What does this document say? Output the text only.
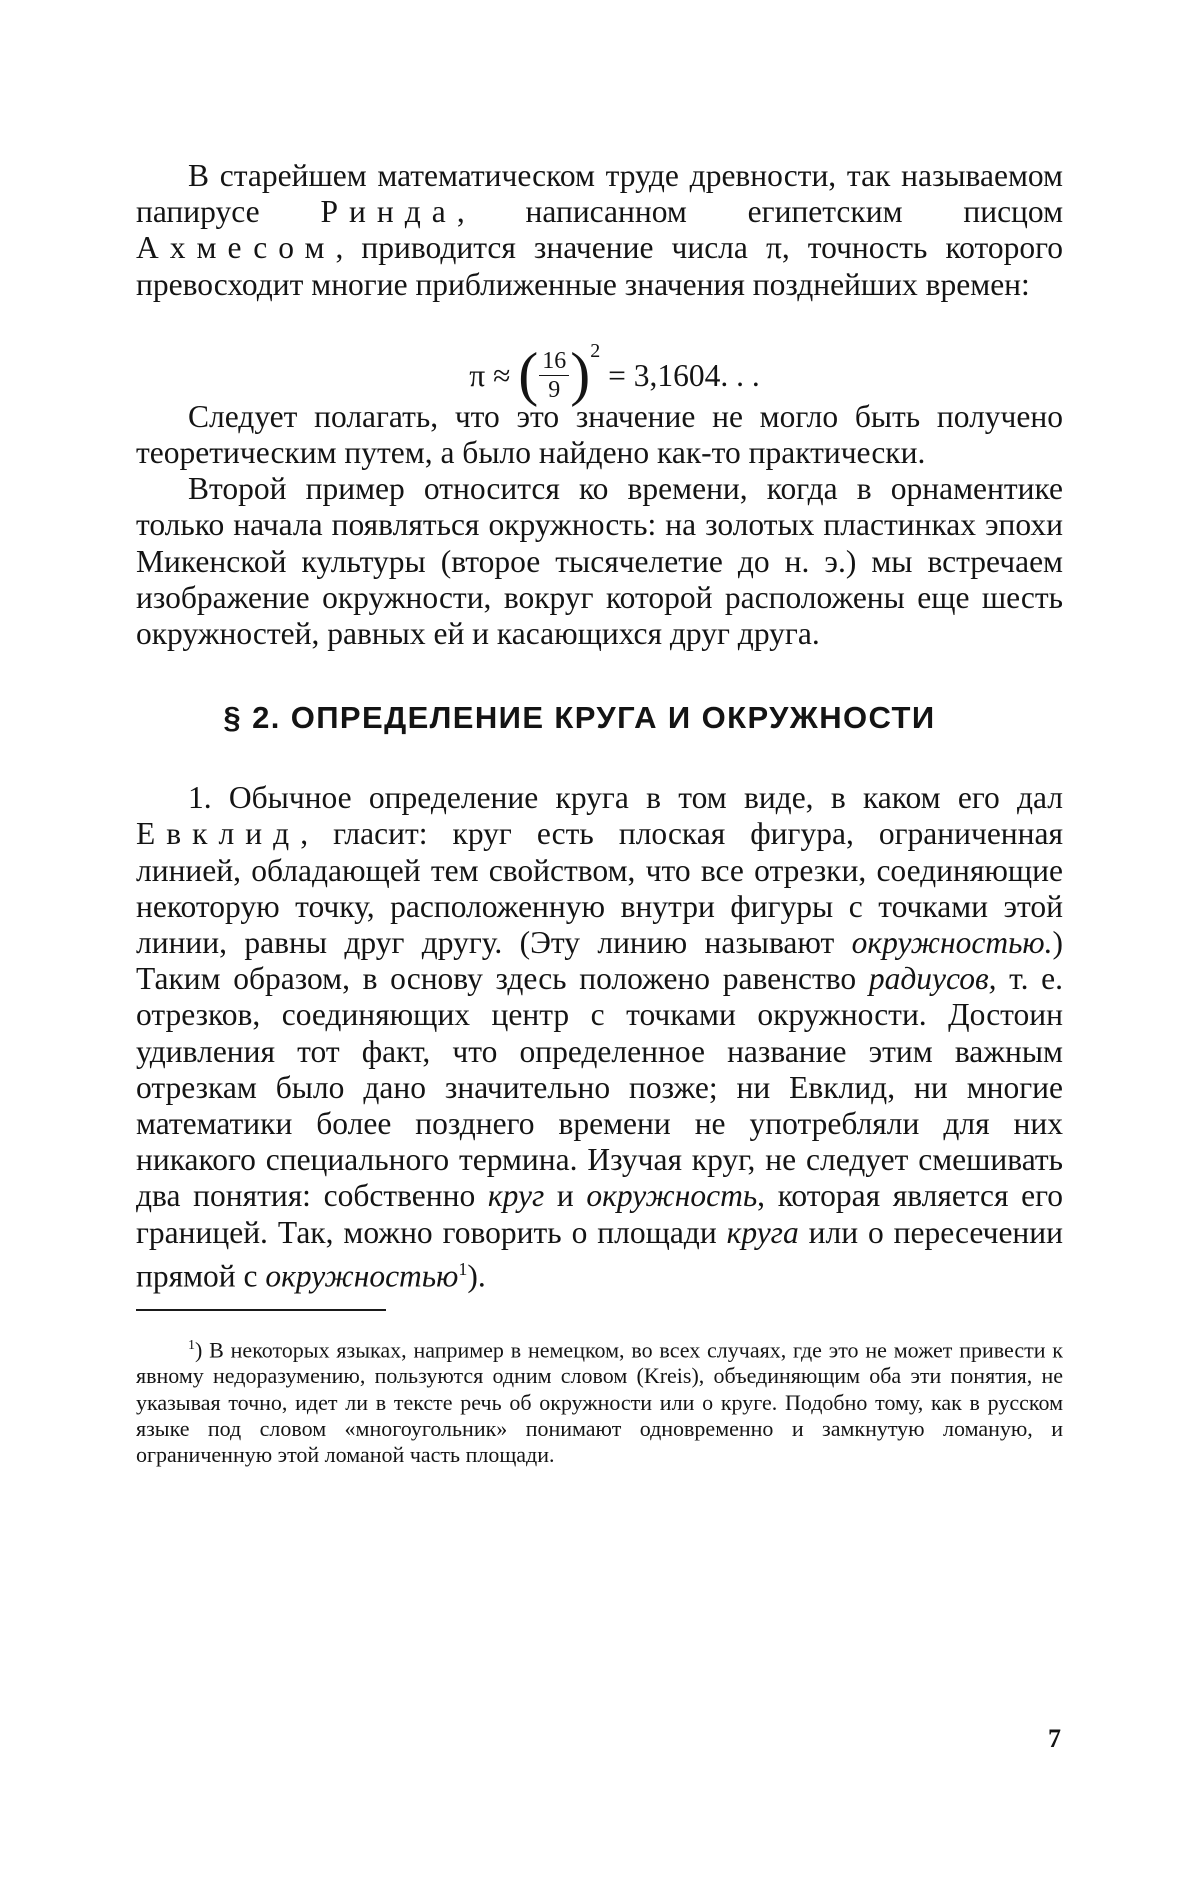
В старейшем математическом труде древности, так называемом папирусе Ринда, написанном египетским писцом Ахмесом, приводится значение числа π, точность которого превосходит многие приближенные значения позднейших времен:

π ≈ ( 16
9 )2 = 3,1604. . .

Следует полагать, что это значение не могло быть получено теоретическим путем, а было найдено как-то практически.

Второй пример относится ко времени, когда в орнаментике только начала появляться окружность: на золотых пластинках эпохи Микенской культуры (второе тысячелетие до н. э.) мы встречаем изображение окружности, вокруг которой расположены еще шесть окружностей, равных ей и касающихся друг друга.

§ 2. ОПРЕДЕЛЕНИЕ КРУГА И ОКРУЖНОСТИ

1. Обычное определение круга в том виде, в каком его дал Евклид, гласит: круг есть плоская фигура, ограниченная линией, обладающей тем свойством, что все отрезки, соединяющие некоторую точку, расположенную внутри фигуры с точками этой линии, равны друг другу. (Эту линию называют окружностью.) Таким образом, в основу здесь положено равенство радиусов, т. е. отрезков, соединяющих центр с точками окружности. Достоин удивления тот факт, что определенное название этим важным отрезкам было дано значительно позже; ни Евклид, ни многие математики более позднего времени не употребляли для них никакого специального термина. Изучая круг, не следует смешивать два понятия: собственно круг и окружность, которая является его границей. Так, можно говорить о площади круга или о пересечении прямой с окружностью1).

1) В некоторых языках, например в немецком, во всех случаях, где это не может привести к явному недоразумению, пользуются одним словом (Kreis), объединяющим оба эти понятия, не указывая точно, идет ли в тексте речь об окружности или о круге. Подобно тому, как в русском языке под словом «многоугольник» понимают одновременно и замкнутую ломаную, и ограниченную этой ломаной часть площади.

7
